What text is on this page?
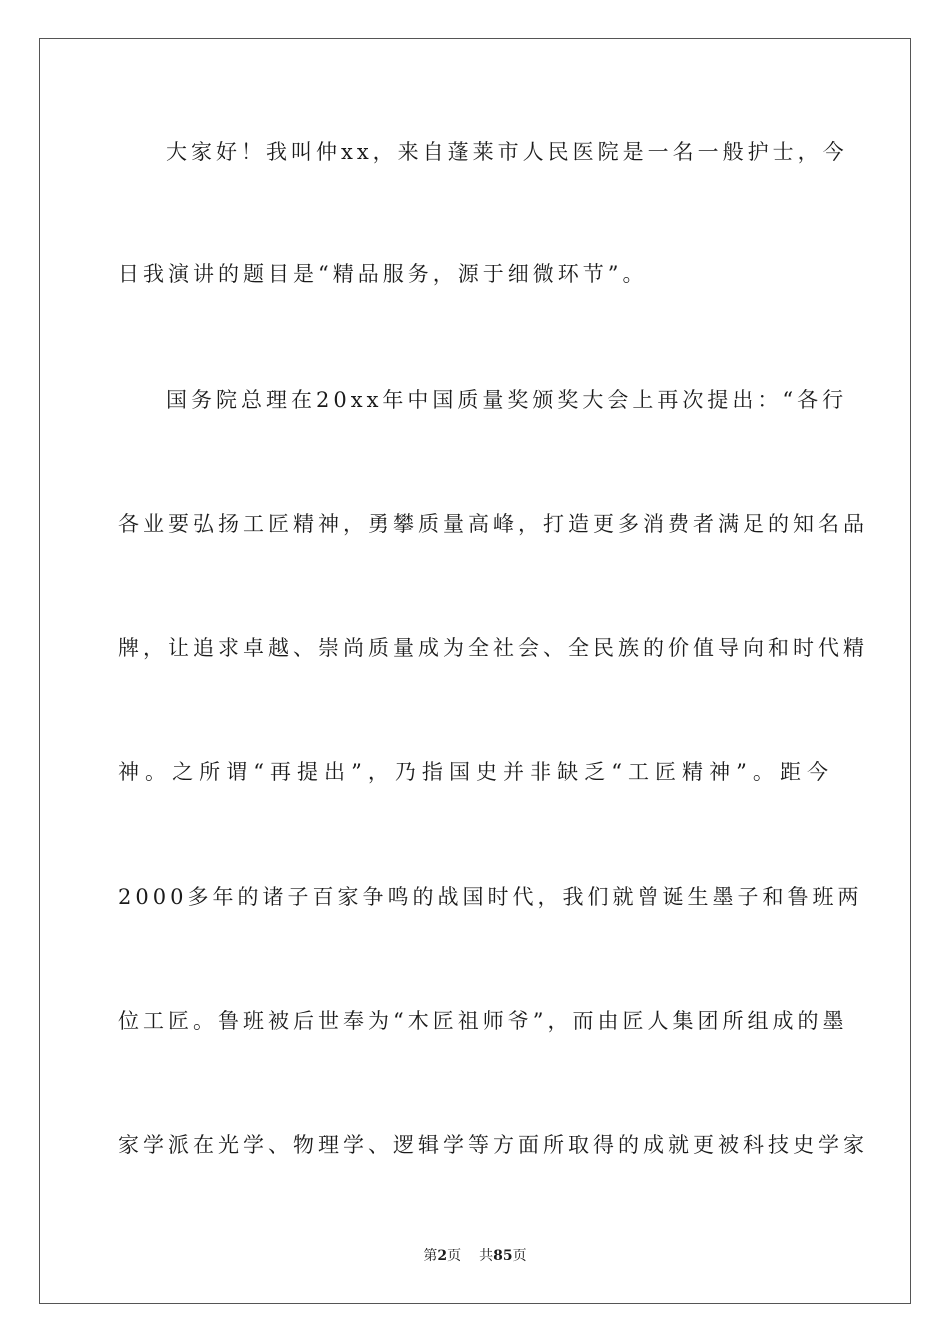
大家好！我叫仲xx，来自蓬莱市人民医院是一名一般护士，今
日我演讲的题目是“精品服务，源于细微环节”。
国务院总理在20xx年中国质量奖颁奖大会上再次提出：“各行
各业要弘扬工匠精神，勇攀质量高峰，打造更多消费者满足的知名品
牌，让追求卓越、崇尚质量成为全社会、全民族的价值导向和时代精
神。之所谓“再提出”，乃指国史并非缺乏“工匠精神”。距今
2000多年的诸子百家争鸣的战国时代，我们就曾诞生墨子和鲁班两
位工匠。鲁班被后世奉为“木匠祖师爷”，而由匠人集团所组成的墨
家学派在光学、物理学、逻辑学等方面所取得的成就更被科技史学家
第2页 共85页
